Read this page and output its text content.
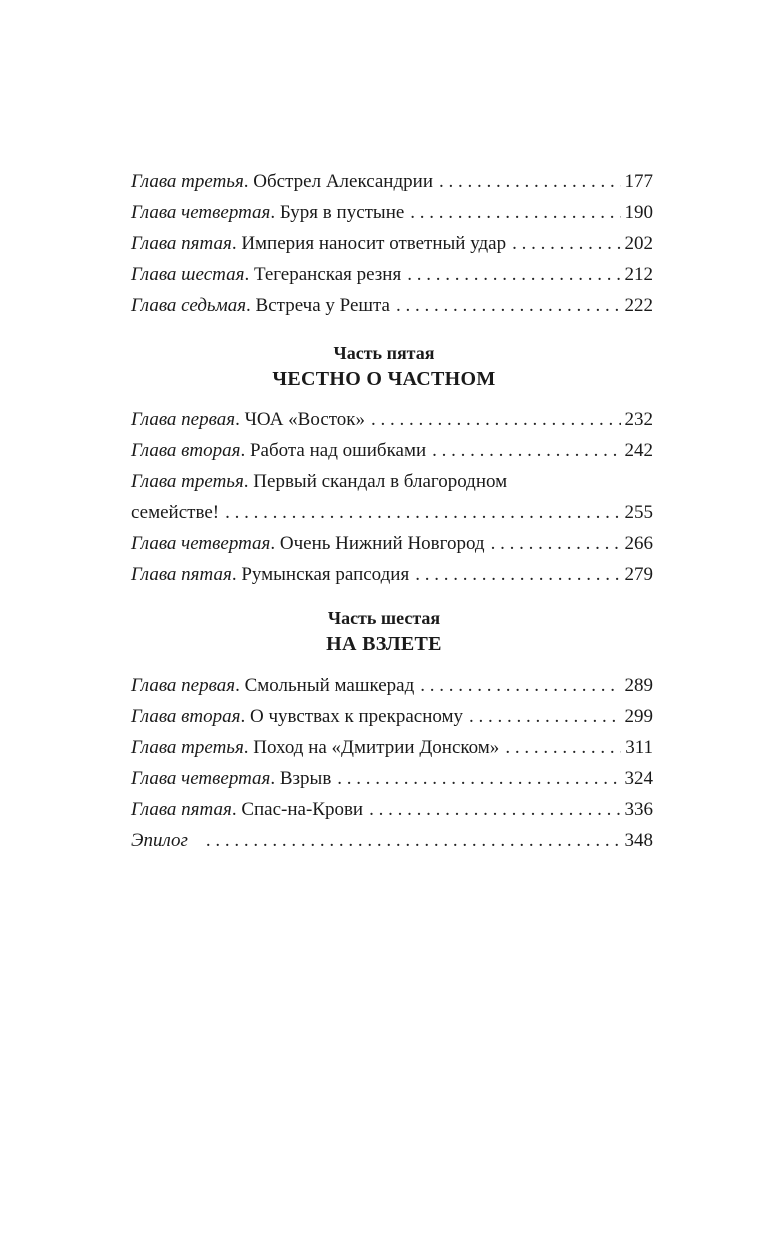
Глава третья. Обстрел Александрии . . .	177
Глава четвертая. Буря в пустыне . . .	190
Глава пятая. Империя наносит ответный удар . . .	202
Глава шестая. Тегеранская резня . . .	212
Глава седьмая. Встреча у Решта . . .	222
Часть пятая
ЧЕСТНО О ЧАСТНОМ
Глава первая. ЧОА «Восток» . . .	232
Глава вторая. Работа над ошибками . . .	242
Глава третья. Первый скандал в благородном
семействе! . . .	255
Глава четвертая. Очень Нижний Новгород . . .	266
Глава пятая. Румынская рапсодия . . .	279
Часть шестая
НА ВЗЛЕТЕ
Глава первая. Смольный машкерад . . .	289
Глава вторая. О чувствах к прекрасному . . .	299
Глава третья. Поход на «Дмитрии Донском» . . .	311
Глава четвертая. Взрыв . . .	324
Глава пятая. Спас-на-Крови . . .	336
Эпилог . . .	348
